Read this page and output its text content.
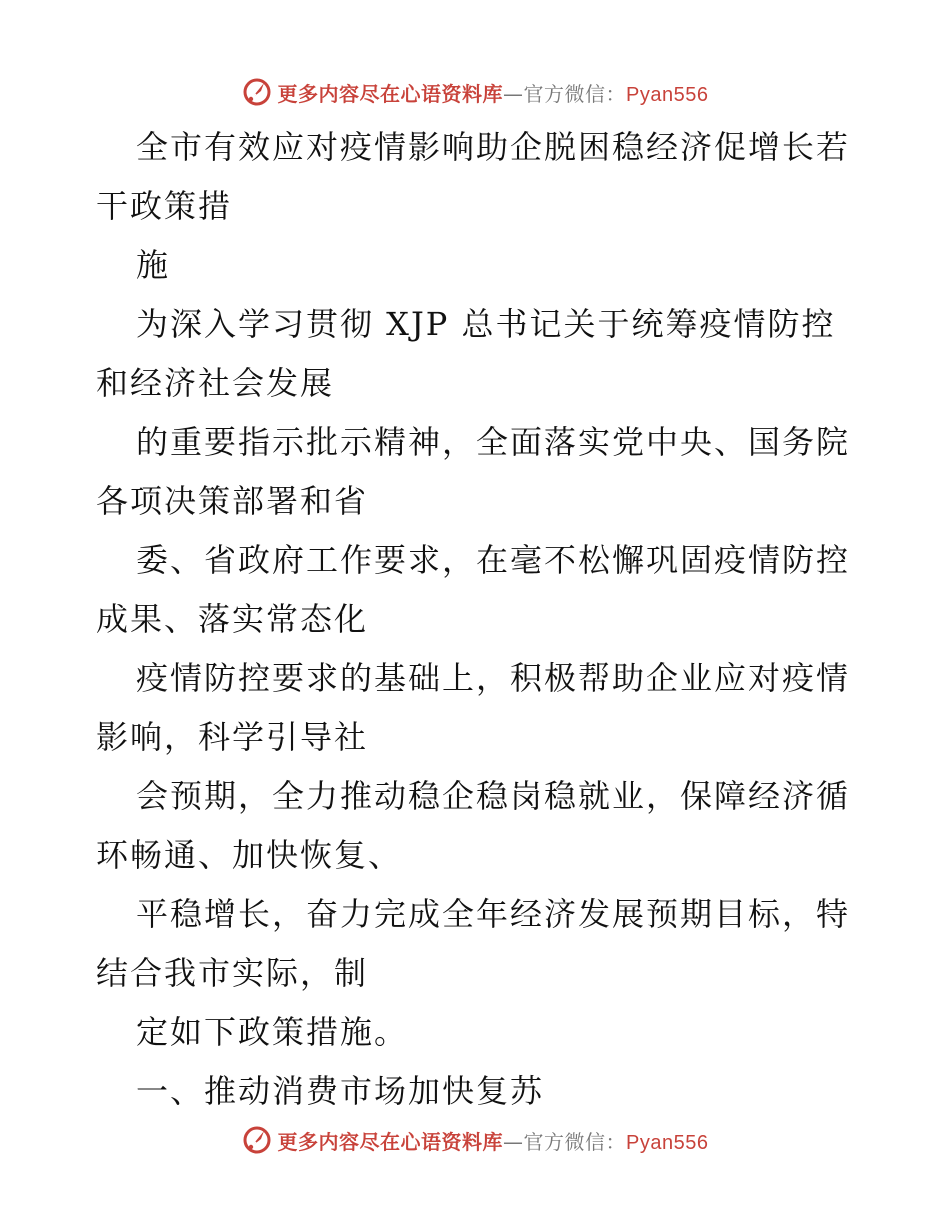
更多内容尽在心语资料库—官方微信：Pyan556
全市有效应对疫情影响助企脱困稳经济促增长若
干政策措
施
为深入学习贯彻 XJP 总书记关于统筹疫情防控
和经济社会发展
的重要指示批示精神，全面落实党中央、国务院
各项决策部署和省
委、省政府工作要求，在毫不松懈巩固疫情防控
成果、落实常态化
疫情防控要求的基础上，积极帮助企业应对疫情
影响，科学引导社
会预期，全力推动稳企稳岗稳就业，保障经济循
环畅通、加快恢复、
平稳增长，奋力完成全年经济发展预期目标，特
结合我市实际，制
定如下政策措施。
一、推动消费市场加快复苏
更多内容尽在心语资料库—官方微信：Pyan556
